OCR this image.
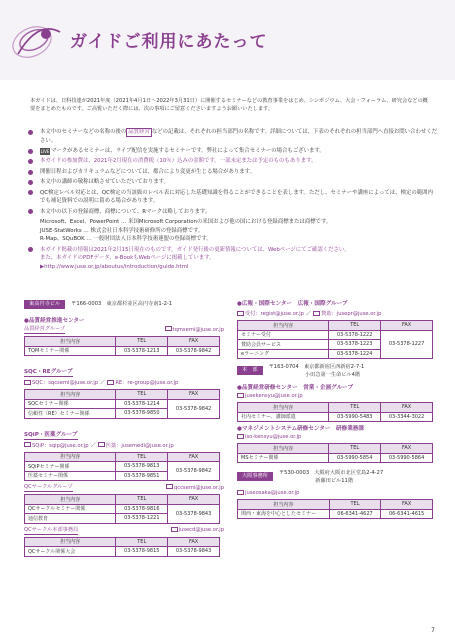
ガイドご利用にあたって

本ガイドは、日科技連が2021年度（2021年4月1日〜2022年3月31日）に開催するセミナーなどの教育事業をはじめ、シンポジウム、大会・フォーラム、研究会などの概要をまとめたものです。ご高覧いただく際には、次の事項にご留意くださいますようお願いいたします。

本文中のセミナーなどの名称の後の 品質経営 などの記載は、それぞれの担当部門の名称です。詳細については、下表のそれぞれの担当部門へ直接お問い合わせください。
LIVE マークがあるセミナーは、ライブ配信を実施するセミナーです。弊社によって集合セミナーの場合もございます。
本ガイドの参加費は、2021年2月現在の消費税（10％）込みの金額です。一部未定または予定のものもあります。
開催日程およびカリキュラムなどについては、都合により変更が生じる場合があります。
本文中の講師の敬称は略させていただいております。
QC検定レベル対応とは、QC検定の当該級のレベル表に対応した基礎知識を得ることができることを表します。ただし、セミナーや講座によっては、検定の範囲内でも補足資料での説明に留める場合があります。
本文中の以下の登録商標、商標について、Rマークは略しております。
Microsoft、Excel、PowerPoint … 米国Microsoft Corporationの米国および他の国における登録商標または商標です。
JUSE-StatWorks … 株式会社日本科学技術研修所の登録商標です。
R-Map、SQuBOK … 一般財団法人日本科学技術連盟の登録商標です。
本ガイド掲載の情報は2021年2月15日現在のものです。ガイド発行後の更新情報については、Webページにてご確認ください。
また、本ガイドのPDFデータ、e-BookもWebページに掲載しています。
▶http://www.juse.or.jp/aboutus/introduction/guide.html
東高円寺ビル 〒166-0003　 東京都杉並区高円寺南1-2-1
●品質経営推進センター
品質経営グループ	tqmsemi@juse.or.jp
担当内容	TEL	FAX
TQMセミナー関係	03-5378-1213	03-5378-9842
SQC・REグループ
SQC：sqcsemi@juse.or.jp ／ RE：re-group@juse.or.jp
担当内容	TEL	FAX
SQCセミナー関係	03-5378-1214	03-5378-9842
信頼性（RE）セミナー関係	03-5378-9850	
SQiP・医薬グループ
SQiP：sqip@juse.or.jp ／ 医薬：jusemedi@juse.or.jp
担当内容	TEL	FAX
SQiPセミナー関係	03-5378-9813	03-5378-9842
医薬セミナー関係	03-5378-9851	
QCサークルグループ	qccsemi@juse.or.jp
担当内容	TEL	FAX
QCサークルセミナー関係	03-5378-9816	03-5378-9843
通信教育	03-5378-1221	
QCサークル本部事務局	jusecd@juse.or.jp
担当内容	TEL	FAX
QCサークル関係大会	03-5378-9815	03-5378-9843
●広報・国際センター　広報・国際グループ
受付：regist@juse.or.jp ／ 賛助：jusepr@juse.or.jp
担当内容	TEL	FAX
セミナー受付	03-5378-1222	03-5378-1227
賛助会員サービス	03-5378-1223	
eラーニング	03-5378-1224	
本　部 〒163-0704　 東京都新宿区西新宿2-7-1
　　　　　　　小田急第一生命ビル4階
●品質経営研修センター　営業・企画グループ
jusekensyu@juse.or.jp
担当内容	TEL	FAX
社内セミナー、講師派遣	03-5990-5483	03-3344-3022
●マネジメントシステム研修センター　研修業務課
iso-kensyu@juse.or.jp
担当内容	TEL	FAX
MSセミナー関係	03-5990-5854	03-5990-5864
大阪事務所 〒530-0003　 大阪府大阪市北区堂島2-4-27
　　　　　　　新藤田ビル11階
juseosaka@juse.or.jp
担当内容	TEL	FAX
関西・東海を中心としたセミナー	06-6341-4627	06-6341-4615
7
